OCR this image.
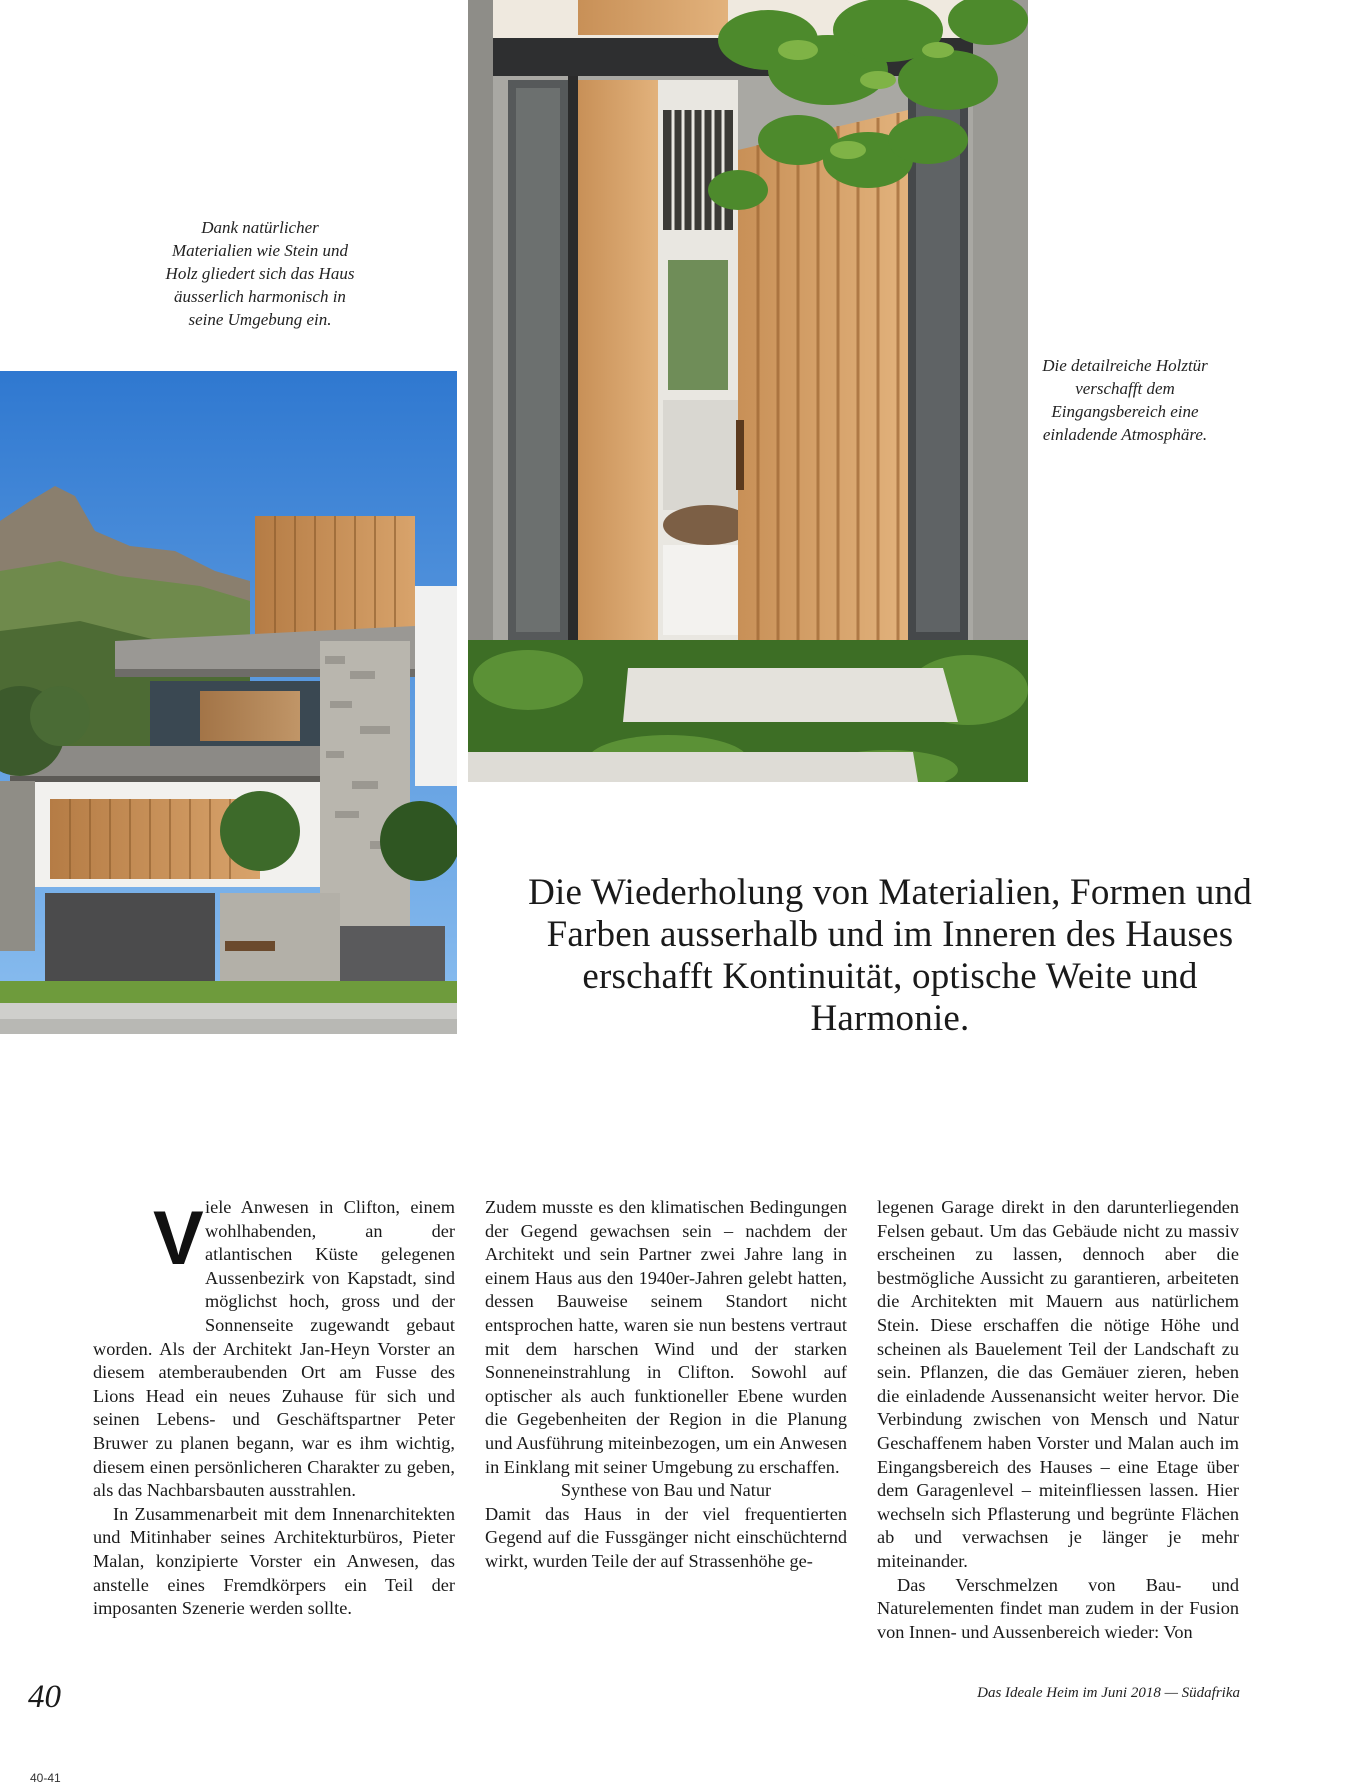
Dank natürlicher Materialien wie Stein und Holz gliedert sich das Haus äusserlich harmonisch in seine Umgebung ein.
Die detailreiche Holztür verschafft dem Eingangsbereich eine einladende Atmosphäre.
Die Wiederholung von Materialien, Formen und Farben ausserhalb und im Inneren des Hauses erschafft Kontinuität, optische Weite und Harmonie.

Viele Anwesen in Clifton, einem wohlhabenden, an der atlantischen Küste gelegenen Aussenbezirk von Kapstadt, sind möglichst hoch, gross und der Sonnenseite zugewandt gebaut worden. Als der Architekt Jan-Heyn Vorster an diesem atemberaubenden Ort am Fusse des Lions Head ein neues Zuhause für sich und seinen Lebens- und Geschäftspartner Peter Bruwer zu planen begann, war es ihm wichtig, diesem einen persönlicheren Charakter zu geben, als das Nachbarsbauten ausstrahlen.

In Zusammenarbeit mit dem Innenarchitekten und Mitinhaber seines Architekturbüros, Pieter Malan, konzipierte Vorster ein Anwesen, das anstelle eines Fremdkörpers ein Teil der imposanten Szenerie werden sollte.

Zudem musste es den klimatischen Bedingungen der Gegend gewachsen sein – nachdem der Architekt und sein Partner zwei Jahre lang in einem Haus aus den 1940er-Jahren gelebt hatten, dessen Bauweise seinem Standort nicht entsprochen hatte, waren sie nun bestens vertraut mit dem harschen Wind und der starken Sonneneinstrahlung in Clifton. Sowohl auf optischer als auch funktioneller Ebene wurden die Gegebenheiten der Region in die Planung und Ausführung miteinbezogen, um ein Anwesen in Einklang mit seiner Umgebung zu erschaffen.

Synthese von Bau und Natur

Damit das Haus in der viel frequentierten Gegend auf die Fussgänger nicht einschüchternd wirkt, wurden Teile der auf Strassenhöhe ge-

legenen Garage direkt in den darunterliegenden Felsen gebaut. Um das Gebäude nicht zu massiv erscheinen zu lassen, dennoch aber die bestmögliche Aussicht zu garantieren, arbeiteten die Architekten mit Mauern aus natürlichem Stein. Diese erschaffen die nötige Höhe und scheinen als Bauelement Teil der Landschaft zu sein. Pflanzen, die das Gemäuer zieren, heben die einladende Aussenansicht weiter hervor. Die Verbindung zwischen von Mensch und Natur Geschaffenem haben Vorster und Malan auch im Eingangsbereich des Hauses – eine Etage über dem Garagenlevel – miteinfliessen lassen. Hier wechseln sich Pflasterung und begrünte Flächen ab und verwachsen je länger je mehr miteinander.

Das Verschmelzen von Bau- und Naturelementen findet man zudem in der Fusion von Innen- und Aussenbereich wieder: Von

40	Das Ideale Heim im Juni 2018 — Südafrika
40-41
